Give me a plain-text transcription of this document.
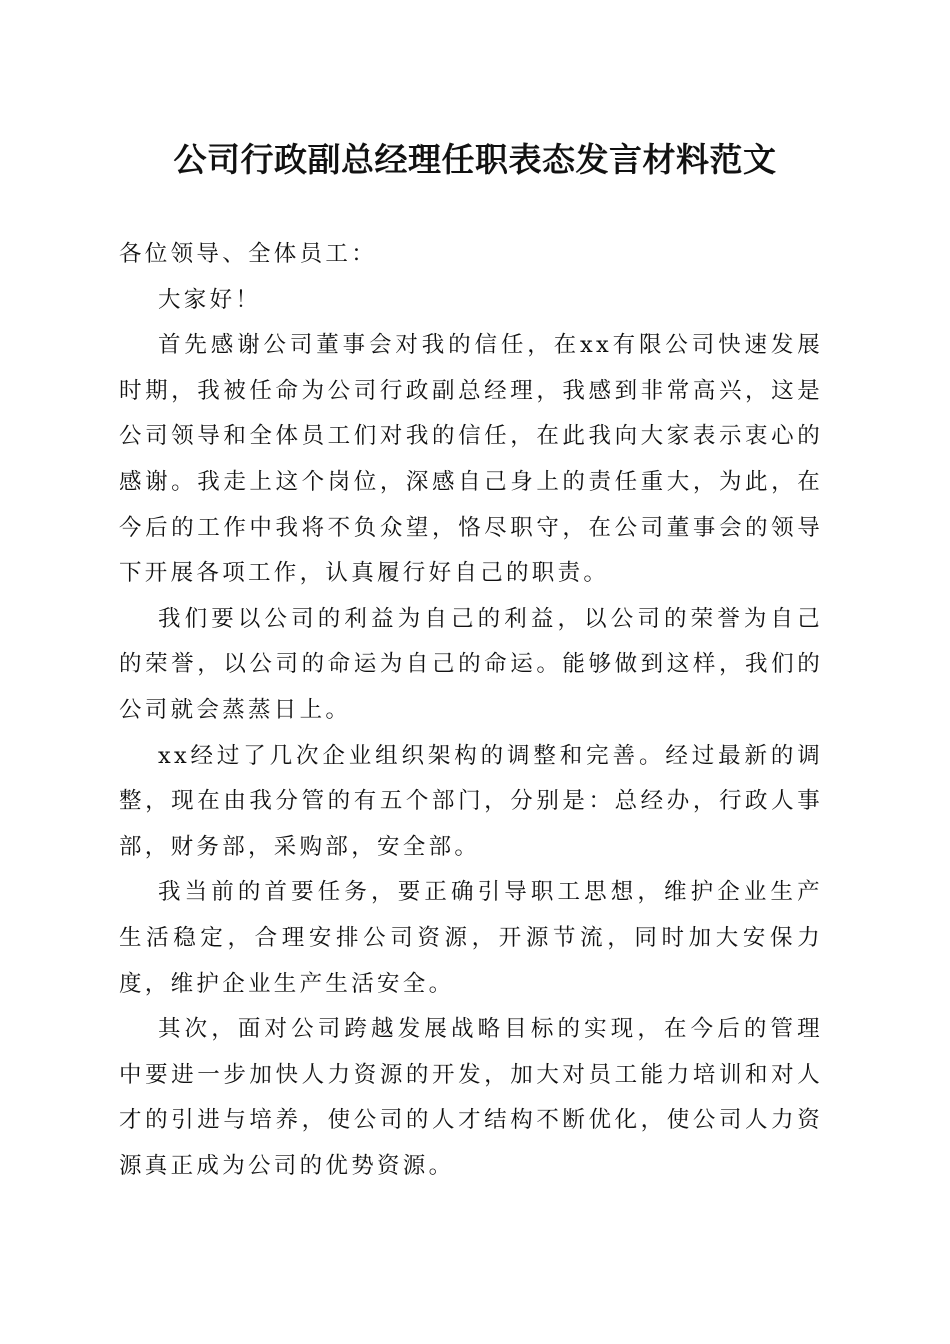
公司行政副总经理任职表态发言材料范文

各位领导、全体员工：

大家好！

首先感谢公司董事会对我的信任，在xx有限公司快速发展时期，我被任命为公司行政副总经理，我感到非常高兴，这是公司领导和全体员工们对我的信任，在此我向大家表示衷心的感谢。我走上这个岗位，深感自己身上的责任重大，为此，在今后的工作中我将不负众望，恪尽职守，在公司董事会的领导下开展各项工作，认真履行好自己的职责。

我们要以公司的利益为自己的利益，以公司的荣誉为自己的荣誉，以公司的命运为自己的命运。能够做到这样，我们的公司就会蒸蒸日上。

xx经过了几次企业组织架构的调整和完善。经过最新的调整，现在由我分管的有五个部门，分别是：总经办，行政人事部，财务部，采购部，安全部。

我当前的首要任务，要正确引导职工思想，维护企业生产生活稳定，合理安排公司资源，开源节流，同时加大安保力度，维护企业生产生活安全。

其次，面对公司跨越发展战略目标的实现，在今后的管理中要进一步加快人力资源的开发，加大对员工能力培训和对人才的引进与培养，使公司的人才结构不断优化，使公司人力资源真正成为公司的优势资源。
